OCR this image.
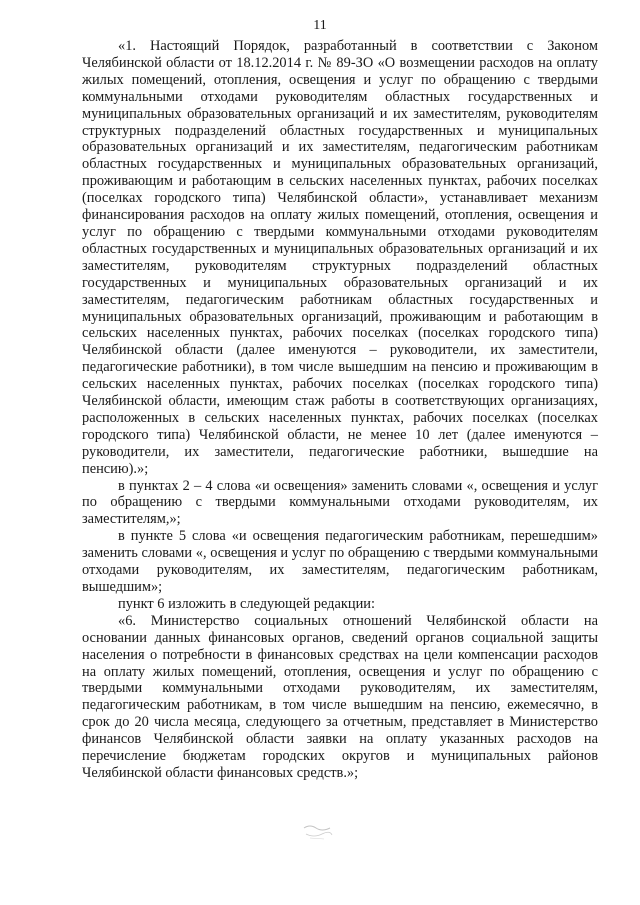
11

«1. Настоящий Порядок, разработанный в соответствии с Законом Челябинской области от 18.12.2014 г. № 89-ЗО «О возмещении расходов на оплату жилых помещений, отопления, освещения и услуг по обращению с твердыми коммунальными отходами руководителям областных государственных и муниципальных образовательных организаций и их заместителям, руководителям структурных подразделений областных государственных и муниципальных образовательных организаций и их заместителям, педагогическим работникам областных государственных и муниципальных образовательных организаций, проживающим и работающим в сельских населенных пунктах, рабочих поселках (поселках городского типа) Челябинской области», устанавливает механизм финансирования расходов на оплату жилых помещений, отопления, освещения и услуг по обращению с твердыми коммунальными отходами руководителям областных государственных и муниципальных образовательных организаций и их заместителям, руководителям структурных подразделений областных государственных и муниципальных образовательных организаций и их заместителям, педагогическим работникам областных государственных и муниципальных образовательных организаций, проживающим и работающим в сельских населенных пунктах, рабочих поселках (поселках городского типа) Челябинской области (далее именуются – руководители, их заместители, педагогические работники), в том числе вышедшим на пенсию и проживающим в сельских населенных пунктах, рабочих поселках (поселках городского типа) Челябинской области, имеющим стаж работы в соответствующих организациях, расположенных в сельских населенных пунктах, рабочих поселках (поселках городского типа) Челябинской области, не менее 10 лет (далее именуются – руководители, их заместители, педагогические работники, вышедшие на пенсию).»;

в пунктах 2 – 4 слова «и освещения» заменить словами «, освещения и услуг по обращению с твердыми коммунальными отходами руководителям, их заместителям,»;

в пункте 5 слова «и освещения педагогическим работникам, перешедшим» заменить словами «, освещения и услуг по обращению с твердыми коммунальными отходами руководителям, их заместителям, педагогическим работникам, вышедшим»;

пункт 6 изложить в следующей редакции:

«6. Министерство социальных отношений Челябинской области на основании данных финансовых органов, сведений органов социальной защиты населения о потребности в финансовых средствах на цели компенсации расходов на оплату жилых помещений, отопления, освещения и услуг по обращению с твердыми коммунальными отходами руководителям, их заместителям, педагогическим работникам, в том числе вышедшим на пенсию, ежемесячно, в срок до 20 числа месяца, следующего за отчетным, представляет в Министерство финансов Челябинской области заявки на оплату указанных расходов на перечисление бюджетам городских округов и муниципальных районов Челябинской области финансовых средств.»;
